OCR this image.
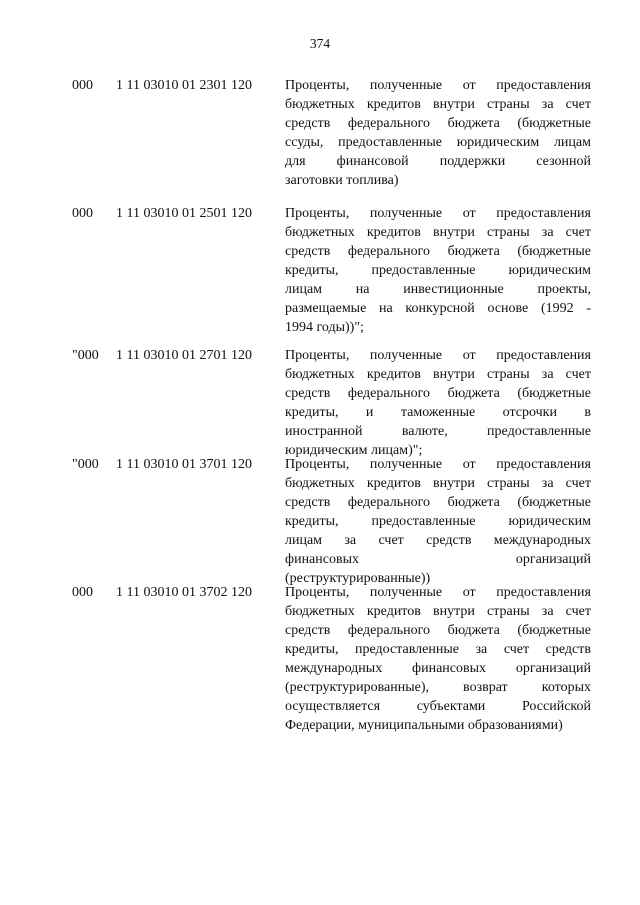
374
000 1 11 03010 01 2301 120 Проценты, полученные от предоставления
бюджетных кредитов внутри страны за счет
средств федерального бюджета (бюджетные
ссуды, предоставленные юридическим лицам
для финансовой поддержки сезонной
заготовки топлива)
000 1 11 03010 01 2501 120 Проценты, полученные от предоставления
бюджетных кредитов внутри страны за счет
средств федерального бюджета (бюджетные
кредиты, предоставленные юридическим
лицам на инвестиционные проекты,
размещаемые на конкурсной основе (1992 -
1994 годы))";
"000 1 11 03010 01 2701 120 Проценты, полученные от предоставления
бюджетных кредитов внутри страны за счет
средств федерального бюджета (бюджетные
кредиты, и таможенные отсрочки в
иностранной валюте, предоставленные
юридическим лицам)";
"000 1 11 03010 01 3701 120 Проценты, полученные от предоставления
бюджетных кредитов внутри страны за счет
средств федерального бюджета (бюджетные
кредиты, предоставленные юридическим
лицам за счет средств международных
финансовых организаций
(реструктурированные))
000 1 11 03010 01 3702 120 Проценты, полученные от предоставления
бюджетных кредитов внутри страны за счет
средств федерального бюджета (бюджетные
кредиты, предоставленные за счет средств
международных финансовых организаций
(реструктурированные), возврат которых
осуществляется субъектами Российской
Федерации, муниципальными образованиями)
